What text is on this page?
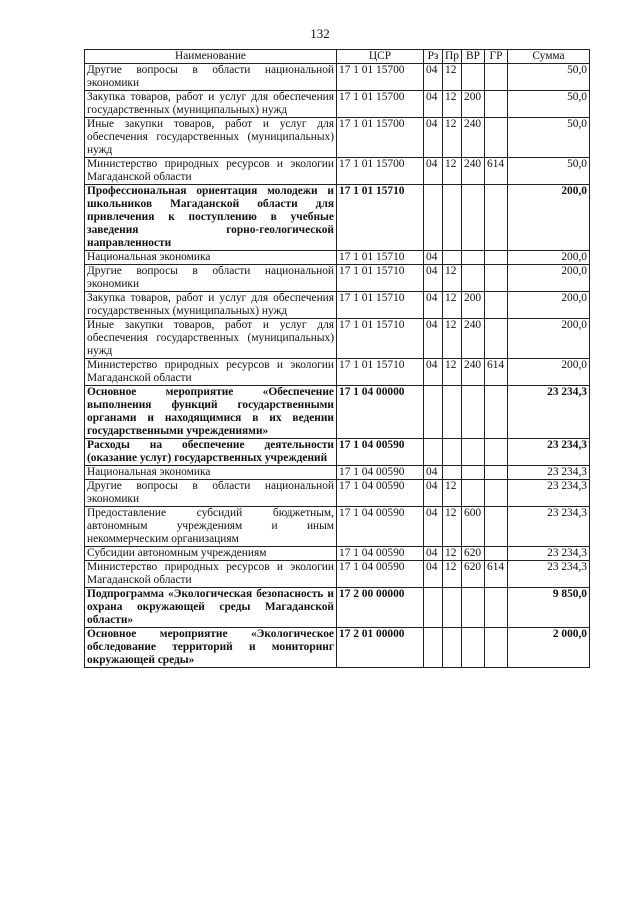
132
Наименование	ЦСР	Рз	Пр	ВР	ГР	Сумма
Другие вопросы в области национальной экономики	17 1 01 15700	04	12			50,0
Закупка товаров, работ и услуг для обеспечения государственных (муниципальных) нужд	17 1 01 15700	04	12	200		50,0
Иные закупки товаров, работ и услуг для обеспечения государственных (муниципальных) нужд	17 1 01 15700	04	12	240		50,0
Министерство природных ресурсов и экологии Магаданской области	17 1 01 15700	04	12	240	614	50,0
Профессиональная ориентация молодежи и школьников Магаданской области для привлечения к поступлению в учебные заведения горно-геологической направленности	17 1 01 15710					200,0
Национальная экономика	17 1 01 15710	04				200,0
Другие вопросы в области национальной экономики	17 1 01 15710	04	12			200,0
Закупка товаров, работ и услуг для обеспечения государственных (муниципальных) нужд	17 1 01 15710	04	12	200		200,0
Иные закупки товаров, работ и услуг для обеспечения государственных (муниципальных) нужд	17 1 01 15710	04	12	240		200,0
Министерство природных ресурсов и экологии Магаданской области	17 1 01 15710	04	12	240	614	200,0
Основное мероприятие «Обеспечение выполнения функций государственными органами и находящимися в их ведении государственными учреждениями»	17 1 04 00000					23 234,3
Расходы на обеспечение деятельности (оказание услуг) государственных учреждений	17 1 04 00590					23 234,3
Национальная экономика	17 1 04 00590	04				23 234,3
Другие вопросы в области национальной экономики	17 1 04 00590	04	12			23 234,3
Предоставление субсидий бюджетным, автономным учреждениям и иным некоммерческим организациям	17 1 04 00590	04	12	600		23 234,3
Субсидии автономным учреждениям	17 1 04 00590	04	12	620		23 234,3
Министерство природных ресурсов и экологии Магаданской области	17 1 04 00590	04	12	620	614	23 234,3
Подпрограмма «Экологическая безопасность и охрана окружающей среды Магаданской области»	17 2 00 00000					9 850,0
Основное мероприятие «Экологическое обследование территорий и мониторинг окружающей среды»	17 2 01 00000					2 000,0
